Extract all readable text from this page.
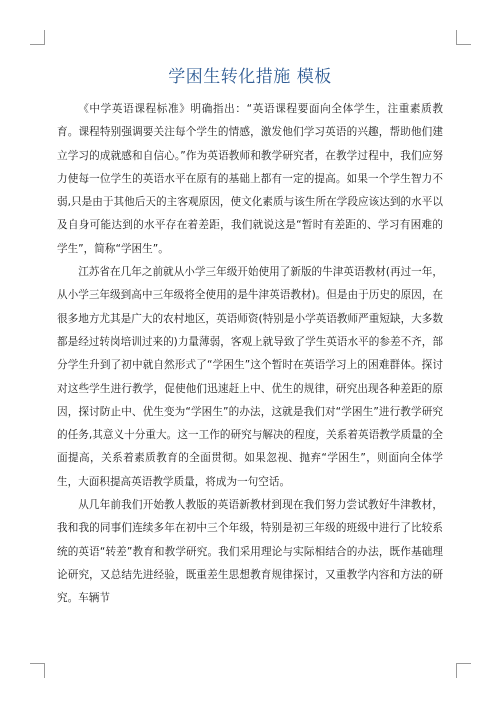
学困生转化措施 模板

《中学英语课程标准》明确指出：“英语课程要面向全体学生，注重素质教育。课程特别强调要关注每个学生的情感，激发他们学习英语的兴趣，帮助他们建立学习的成就感和自信心。”作为英语教师和教学研究者，在教学过程中，我们应努力使每一位学生的英语水平在原有的基础上都有一定的提高。如果一个学生智力不弱,只是由于其他后天的主客观原因，使文化素质与该生所在学段应该达到的水平以及自身可能达到的水平存在着差距，我们就说这是“暂时有差距的、学习有困难的学生”，简称“学困生”。

江苏省在几年之前就从小学三年级开始使用了新版的牛津英语教材(再过一年，从小学三年级到高中三年级将全使用的是牛津英语教材)。但是由于历史的原因，在很多地方尤其是广大的农村地区，英语师资(特别是小学英语教师严重短缺，大多数都是经过转岗培训过来的)力量薄弱，客观上就导致了学生英语水平的参差不齐，部分学生升到了初中就自然形式了“学困生”这个暂时在英语学习上的困难群体。探讨对这些学生进行教学，促使他们迅速赶上中、优生的规律，研究出现各种差距的原因，探讨防止中、优生变为“学困生”的办法，这就是我们对“学困生”进行教学研究的任务,其意义十分重大。这一工作的研究与解决的程度，关系着英语教学质量的全面提高，关系着素质教育的全面贯彻。如果忽视、抛弃“学困生”，则面向全体学生，大面积提高英语教学质量，将成为一句空话。

从几年前我们开始教人教版的英语新教材到现在我们努力尝试教好牛津教材，我和我的同事们连续多年在初中三个年级，特别是初三年级的班级中进行了比较系统的英语“转差”教育和教学研究。我们采用理论与实际相结合的办法，既作基础理论研究，又总结先进经验，既重差生思想教育规律探讨，又重教学内容和方法的研究。车辆节
